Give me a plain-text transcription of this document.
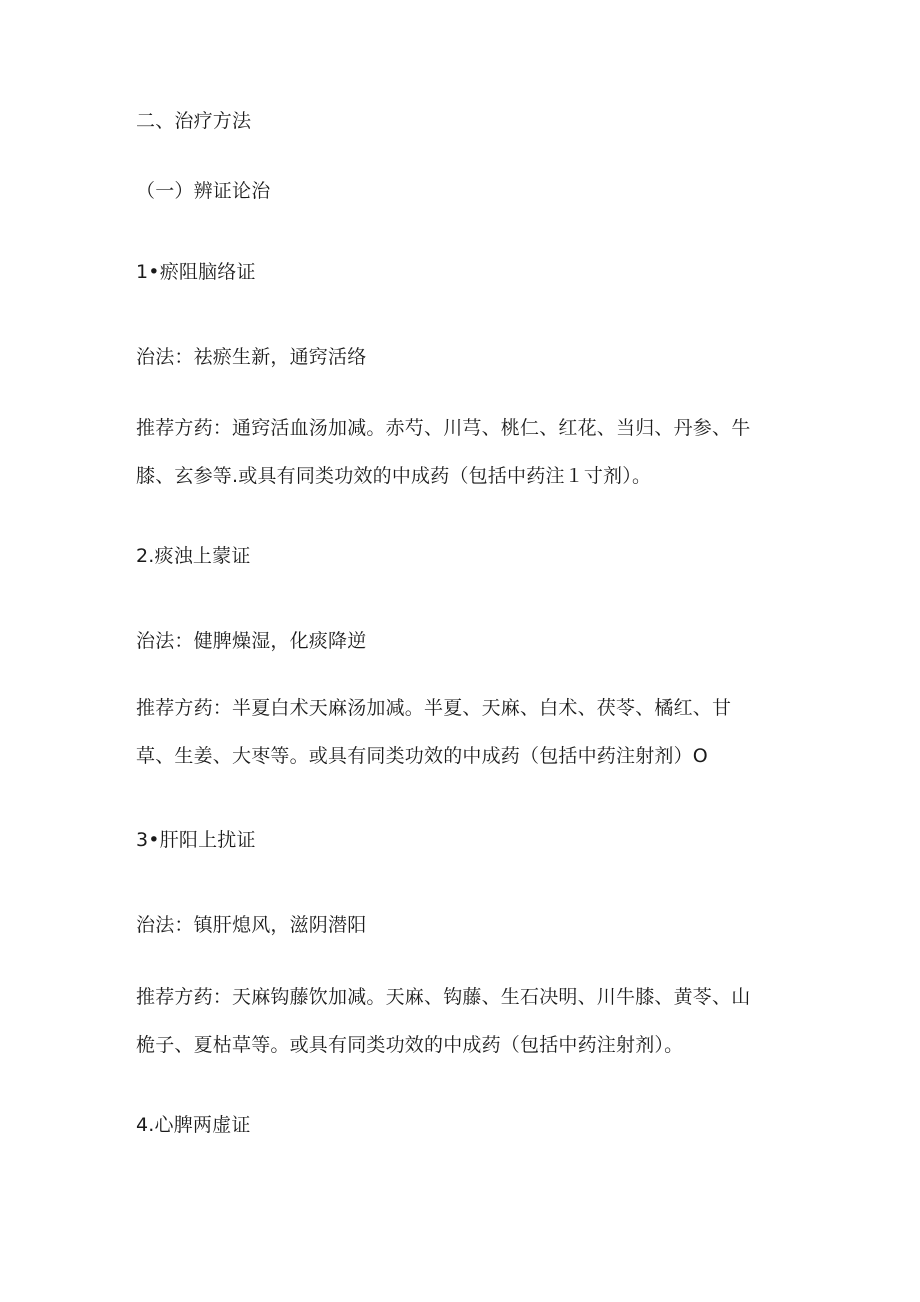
二、治疗方法
（一）辨证论治
1•瘀阻脑络证
治法：祛瘀生新，通窍活络
推荐方药：通窍活血汤加减。赤芍、川芎、桃仁、红花、当归、丹参、牛
膝、玄参等.或具有同类功效的中成药（包括中药注１寸剂）。
2.痰浊上蒙证
治法：健脾燥湿，化痰降逆
推荐方药：半夏白术天麻汤加减。半夏、天麻、白术、茯苓、橘红、甘
草、生姜、大枣等。或具有同类功效的中成药（包括中药注射剂）O
3•肝阳上扰证
治法：镇肝熄风，滋阴潜阳
推荐方药：天麻钩藤饮加减。天麻、钩藤、生石决明、川牛膝、黄苓、山
桅子、夏枯草等。或具有同类功效的中成药（包括中药注射剂）。
4.心脾两虚证
